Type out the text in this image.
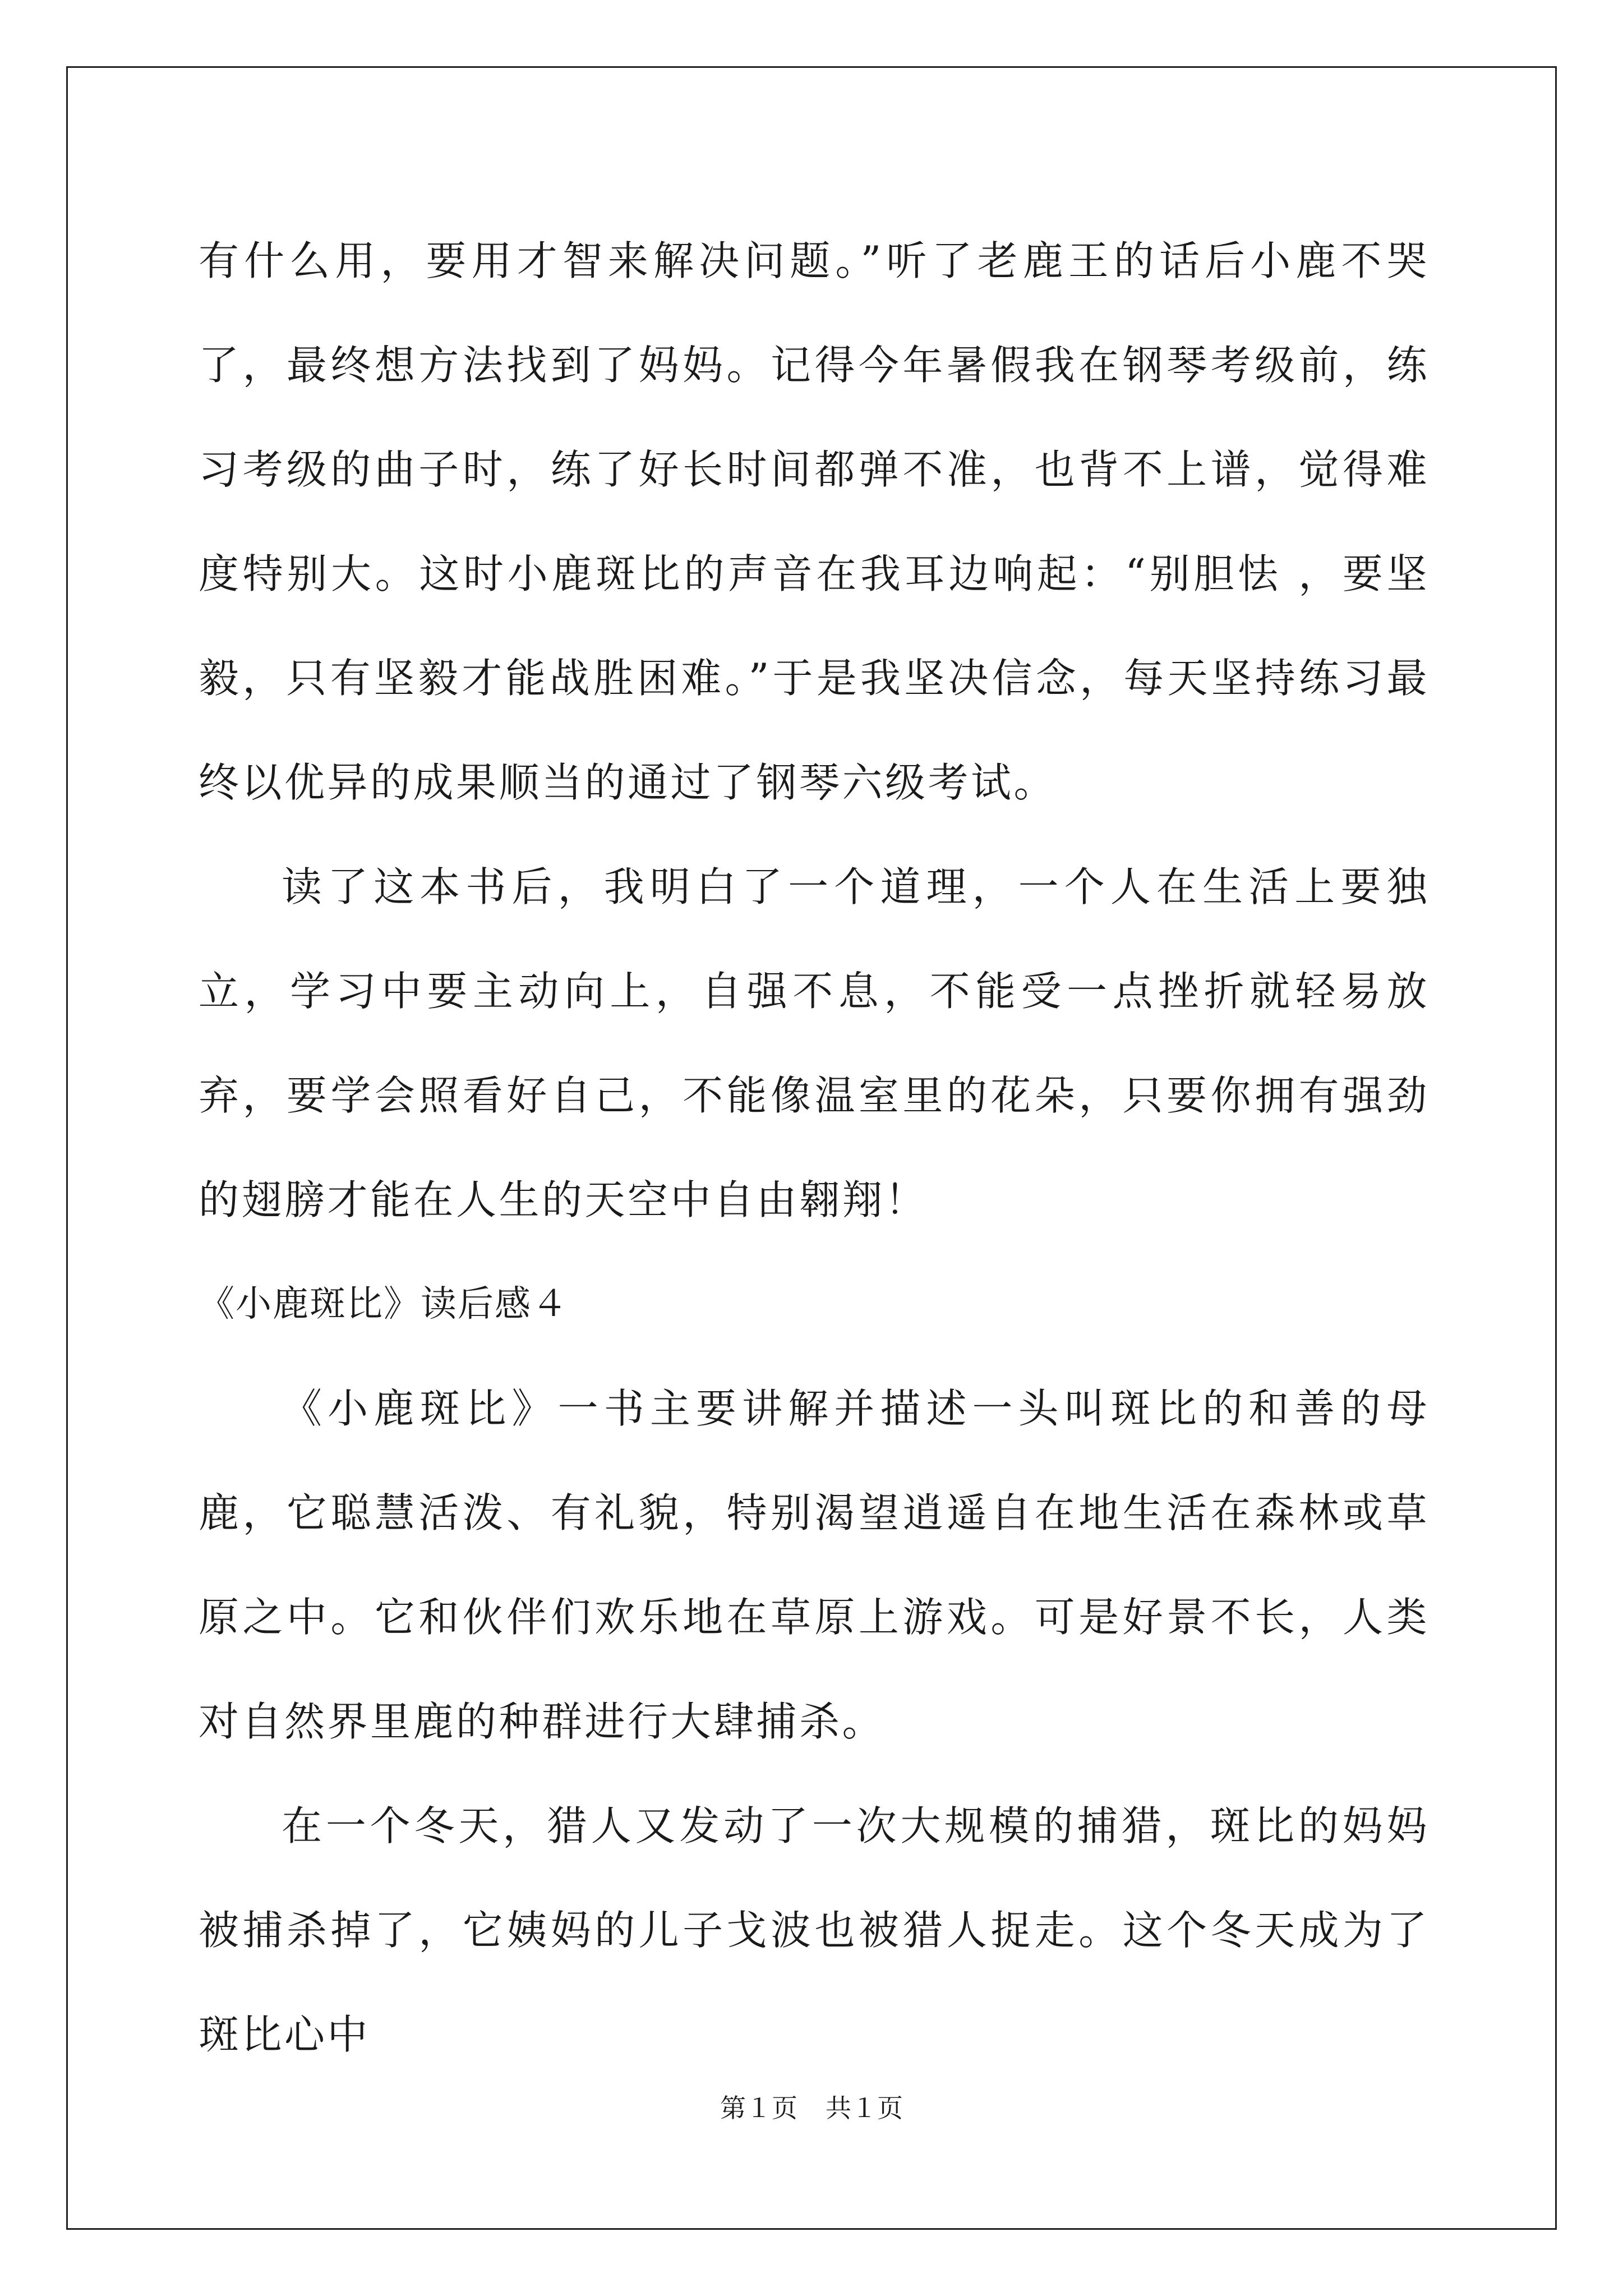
有什么用，要用才智来解决问题。”听了老鹿王的话后小鹿不哭了，最终想方法找到了妈妈。记得今年暑假我在钢琴考级前，练习考级的曲子时，练了好长时间都弹不准，也背不上谱，觉得难度特别大。这时小鹿斑比的声音在我耳边响起：“别胆怯 ，要坚毅，只有坚毅才能战胜困难。”于是我坚决信念，每天坚持练习最终以优异的成果顺当的通过了钢琴六级考试。

读了这本书后，我明白了一个道理，一个人在生活上要独立，学习中要主动向上，自强不息，不能受一点挫折就轻易放弃，要学会照看好自己，不能像温室里的花朵，只要你拥有强劲的翅膀才能在人生的天空中自由翱翔！

《小鹿斑比》读后感４

《小鹿斑比》一书主要讲解并描述一头叫斑比的和善的母鹿，它聪慧活泼、有礼貌，特别渴望逍遥自在地生活在森林或草原之中。它和伙伴们欢乐地在草原上游戏。可是好景不长，人类对自然界里鹿的种群进行大肆捕杀。

在一个冬天，猎人又发动了一次大规模的捕猎，斑比的妈妈被捕杀掉了，它姨妈的儿子戈波也被猎人捉走。这个冬天成为了斑比心中

第１页 共１页
